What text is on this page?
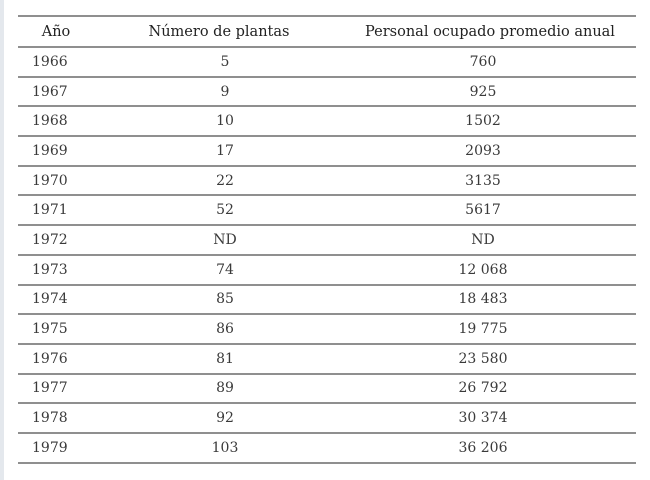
Año	Número de plantas	Personal ocupado promedio anual
1966	5	760
1967	9	925
1968	10	1502
1969	17	2093
1970	22	3135
1971	52	5617
1972	ND	ND
1973	74	12 068
1974	85	18 483
1975	86	19 775
1976	81	23 580
1977	89	26 792
1978	92	30 374
1979	103	36 206
